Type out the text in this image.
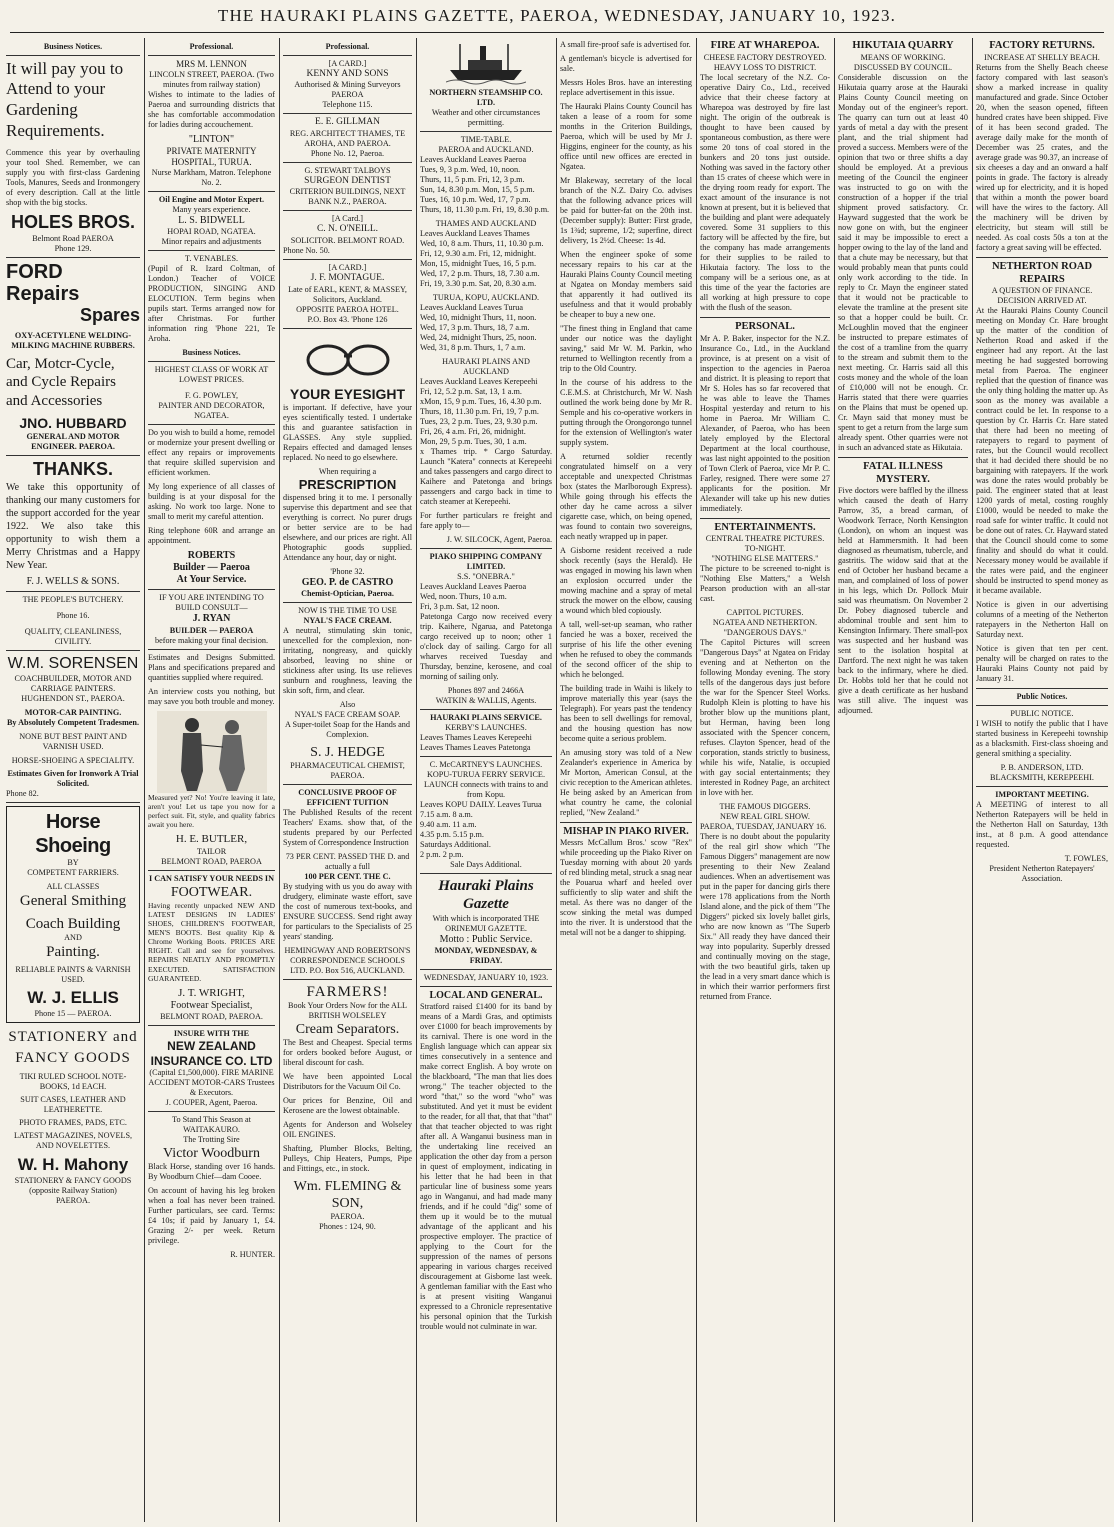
THE HAURAKI PLAINS GAZETTE, PAEROA, WEDNESDAY, JANUARY 10, 1923.
Business Notices.
It will pay you to Attend to your Gardening Requirements.

Commence this year by overhauling your tool Shed. Remember, we can supply you with first-class Gardening Tools, Manures, Seeds and Ironmongery of every description. Call at the little shop with the big stocks.

HOLES BROS.
Belmont Road PAEROA
Phone 129.
FORD Repairs
Spares
OXY-ACETYLENE WELDING-
MILKING MACHINE RUBBERS.
Car, Motcr-Cycle, and Cycle Repairs and Accessories
JNO. HUBBARD
GENERAL AND MOTOR ENGINEER. PAEROA.
THANKS.

We take this opportunity of thanking our many customers for the support accorded for the year 1922. We also take this opportunity to wish them a Merry Christmas and a Happy New Year.

F. J. WELLS & SONS.
THE PEOPLE'S BUTCHERY.
Phone 16.
QUALITY, CLEANLINESS, CIVILITY.
W.M. SORENSEN
COACHBUILDER, MOTOR AND CARRIAGE PAINTERS.
HUGHENDON ST., PAEROA.
MOTOR-CAR PAINTING.
By Absolutely Competent Tradesmen.
NONE BUT BEST PAINT AND VARNISH USED.
HORSE-SHOEING A SPECIALITY.
Estimates Given for Ironwork A Trial Solicited.
Phone 82.
Horse Shoeing
BY
COMPETENT FARRIERS.
ALL CLASSES
General Smithing
Coach Building
AND
Painting.
RELIABLE PAINTS & VARNISH USED.
W. J. ELLIS
Phone 15 — PAEROA.
STATIONERY and FANCY GOODS
TIKI RULED SCHOOL NOTE-BOOKS, 1d EACH.
SUIT CASES, LEATHER AND LEATHERETTE.
PHOTO FRAMES, PADS, ETC.
LATEST MAGAZINES, NOVELS, AND NOVELETTES.
W. H. Mahony
STATIONERY & FANCY GOODS
(opposite Railway Station)
PAEROA.
Professional.
MRS M. LENNON
LINCOLN STREET, PAEROA. (Two minutes from railway station)

Wishes to intimate to the ladies of Paeroa and surrounding districts that she has comfortable accommodation for ladies during accouchement.

"LINTON"
PRIVATE MATERNITY HOSPITAL, TURUA.
Nurse Markham, Matron. Telephone No. 2.
Oil Engine and Motor Expert.
Many years experience.
L. S. BIDWELL
HOPAI ROAD, NGATEA.
Minor repairs and adjustments
T. VENABLES.

(Pupil of R. Izard Coltman, of London.) Teacher of VOICE PRODUCTION, SINGING AND ELOCUTION. Term begins when pupils start. Terms arranged now for after Christmas. For further information ring 'Phone 221, Te Aroha.

Business Notices.
HIGHEST CLASS OF WORK AT LOWEST PRICES.
F. G. POWLEY,
PAINTER AND DECORATOR, NGATEA.

Do you wish to build a home, remodel or modernize your present dwelling or effect any repairs or improvements that require skilled supervision and efficient workmen.

My long experience of all classes of building is at your disposal for the asking. No work too large. None to small to merit my careful attention.

Ring telephone 60R and arrange an appointment.

ROBERTS
Builder — Paeroa
At Your Service.
IF YOU ARE INTENDING TO BUILD CONSULT—
J. RYAN
BUILDER — PAEROA
before making your final decision.

Estimates and Designs Submitted. Plans and specifications prepared and quantities supplied where required.

An interview costs you nothing, but may save you both trouble and money.

Measured yet? No! You're leaving it late, aren't you! Let us tape you now for a perfect suit. Fit, style, and quality fabrics await you here.

H. E. BUTLER,
TAILOR
BELMONT ROAD, PAEROA
I CAN SATISFY YOUR NEEDS IN
FOOTWEAR.

Having recently unpacked NEW AND LATEST DESIGNS IN LADIES' SHOES, CHILDREN'S FOOTWEAR, MEN'S BOOTS. Best quality Kip & Chrome Working Boots. PRICES ARE RIGHT. Call and see for yourselves. REPAIRS NEATLY AND PROMPTLY EXECUTED. SATISFACTION GUARANTEED.

J. T. WRIGHT,
Footwear Specialist,
BELMONT ROAD, PAEROA.
INSURE WITH THE
NEW ZEALAND INSURANCE CO. LTD
(Capital £1,500,000). FIRE MARINE ACCIDENT MOTOR-CARS Trustees & Executors.
J. COUPER, Agent, Paeroa.
To Stand This Season at WAITAKAURO.
The Trotting Sire
Victor Woodburn

Black Horse, standing over 16 hands. By Woodburn Chief—dam Cooee.

On account of having his leg broken when a foal has never been trained. Further particulars, see card. Terms: £4 10s; if paid by January 1, £4. Grazing 2/- per week. Return privilege.

R. HUNTER.
Professional.
[A CARD.]
KENNY AND SONS
Authorised & Mining Surveyors PAEROA
Telephone 115.
E. E. GILLMAN
REG. ARCHITECT THAMES, TE AROHA, AND PAEROA.
Phone No. 12, Paeroa.
G. STEWART TALBOYS
SURGEON DENTIST
CRITERION BUILDINGS, NEXT BANK N.Z., PAEROA.
[A Card.]
C. N. O'NEILL.
SOLICITOR. BELMONT ROAD.
Phone No. 50.
[A CARD.]
J. F. MONTAGUE.
Late of EARL, KENT, & MASSEY, Solicitors, Auckland.
OPPOSITE PAEROA HOTEL.
P.O. Box 43. 'Phone 126
YOUR EYESIGHT

is important. If defective, have your eyes scientifically tested. I undertake this and guarantee satisfaction in GLASSES. Any style supplied. Repairs effected and damaged lenses replaced. No need to go elsewhere.

When requiring a
PRESCRIPTION

dispensed bring it to me. I personally supervise this department and see that everything is correct. No purer drugs or better service are to be had elsewhere, and our prices are right. All Photographic goods supplied. Attendance any hour, day or night.

'Phone 32.
GEO. P. de CASTRO
Chemist-Optician, Paeroa.
NOW IS THE TIME TO USE
NYAL'S FACE CREAM.

A neutral, stimulating skin tonic, unexcelled for the complexion, non-irritating, nongreasy, and quickly absorbed, leaving no shine or stickiness after using. Its use relieves sunburn and roughness, leaving the skin soft, firm, and clear.

Also
NYAL'S FACE CREAM SOAP.
A Super-toilet Soap for the Hands and Complexion.
S. J. HEDGE
PHARMACEUTICAL CHEMIST, PAEROA.
CONCLUSIVE PROOF OF EFFICIENT TUITION

The Published Results of the recent Teachers' Exams. show that, of the students prepared by our Perfected System of Correspondence Instruction

73 PER CENT. PASSED THE D. and actually a full
100 PER CENT. THE C.

By studying with us you do away with drudgery, eliminate waste effort, save the cost of numerous text-books, and ENSURE SUCCESS. Send right away for particulars to the Specialists of 25 years' standing.

HEMINGWAY AND ROBERTSON'S CORRESPONDENCE SCHOOLS LTD. P.O. Box 516, AUCKLAND.
FARMERS!
Book Your Orders Now for the ALL BRITISH WOLSELEY
Cream Separators.

The Best and Cheapest. Special terms for orders booked before August, or liberal discount for cash.

We have been appointed Local Distributors for the Vacuum Oil Co.

Our prices for Benzine, Oil and Kerosene are the lowest obtainable.

Agents for Anderson and Wolseley OIL ENGINES.

Shafting, Plumber Blocks, Belting, Pulleys, Chip Heaters, Pumps, Pipe and Fittings, etc., in stock.

Wm. FLEMING & SON,
PAEROA.
Phones : 124, 90.
NORTHERN STEAMSHIP CO. LTD.
Weather and other circumstances permitting.
TIME-TABLE.
PAEROA and AUCKLAND.
Leaves Auckland Leaves Paeroa
Tues, 9, 3 p.m. Wed, 10, noon.
Thurs, 11, 5 p.m. Fri, 12, 3 p.m.
Sun, 14, 8.30 p.m. Mon, 15, 5 p.m.
Tues, 16, 10 p.m. Wed, 17, 7 p.m.
Thurs, 18, 11.30 p.m. Fri, 19, 8.30 p.m.
THAMES AND AUCKLAND
Leaves Auckland Leaves Thames
Wed, 10, 8 a.m. Thurs, 11, 10.30 p.m.
Fri, 12, 9.30 a.m. Fri, 12, midnight.
Mon, 15, midnight Tues, 16, 5 p.m.
Wed, 17, 2 p.m. Thurs, 18, 7.30 a.m.
Fri, 19, 3.30 p.m. Sat, 20, 8.30 a.m.
TURUA, KOPU, AUCKLAND.
Leaves Auckland Leaves Turua
Wed, 10, midnight Thurs, 11, noon.
Wed, 17, 3 p.m. Thurs, 18, 7 a.m.
Wed, 24, midnight Thurs, 25, noon.
Wed, 31, 8 p.m. Thurs, 1, 7 a.m.
HAURAKI PLAINS AND AUCKLAND
Leaves Auckland Leaves Kerepeehi
Fri, 12, 5.2 p.m. Sat, 13, 1 a.m.
xMon, 15, 9 p.m. Tues, 16, 4.30 p.m.
Thurs, 18, 11.30 p.m. Fri, 19, 7 p.m.
Tues, 23, 2 p.m. Tues, 23, 9.30 p.m.
Fri, 26, 4 a.m. Fri, 26, midnight.
Mon, 29, 5 p.m. Tues, 30, 1 a.m.

x Thames trip. * Cargo Saturday. Launch "Katera" connects at Kerepeehi and takes passengers and cargo direct to Kaihere and Patetonga and brings passengers and cargo back in time to catch steamer at Kerepeehi.

For further particulars re freight and fare apply to—

J. W. SILCOCK, Agent, Paeroa.
PIAKO SHIPPING COMPANY LIMITED.
S.S. "ONEBRA."
Leaves Auckland Leaves Paeroa
Wed, noon. Thurs, 10 a.m.
Fri, 3 p.m. Sat, 12 noon.

Patetonga Cargo now received every trip. Kaihere, Ngarua, and Patetonga cargo received up to noon; other 1 o'clock day of sailing. Cargo for all wharves received Tuesday and Thursday, benzine, kerosene, and coal morning of sailing only.

Phones 897 and 2466A
WATKIN & WALLIS, Agents.
HAURAKI PLAINS SERVICE.
KERBY'S LAUNCHES.
Leaves Thames Leaves Kerepeehi
Leaves Thames Leaves Patetonga
C. McCARTNEY'S LAUNCHES. KOPU-TURUA FERRY SERVICE.
LAUNCH connects with trains to and from Kopu.
Leaves KOPU DAILY. Leaves Turua
7.15 a.m. 8 a.m.
9.40 a.m. 11 a.m.
4.35 p.m. 5.15 p.m.
Saturdays Additional.
2 p.m. 2 p.m.
Sale Days Additional.
Hauraki Plains Gazette
With which is incorporated THE ORINEMUI GAZETTE.
Motto : Public Service.
MONDAY, WEDNESDAY, & FRIDAY.
WEDNESDAY, JANUARY 10, 1923.
LOCAL AND GENERAL.

Stratford raised £1400 for its band by means of a Mardi Gras, and optimists over £1000 for beach improvements by its carnival. There is one word in the English language which can appear six times consecutively in a sentence and make correct English. A boy wrote on the blackboard, "The man that lies does wrong." The teacher objected to the word "that," so the word "who" was substituted. And yet it must be evident to the reader, for all that, that that "that" that that teacher objected to was right after all. A Wanganui business man in the undertaking line received an application the other day from a person in quest of employment, indicating in his letter that he had been in that particular line of business some years ago in Wanganui, and had made many friends, and if he could "dig" some of them up it would be to the mutual advantage of the applicant and his prospective employer. The practice of applying to the Court for the suppression of the names of persons appearing in various charges received discouragement at Gisborne last week. A gentleman familiar with the East who is at present visiting Wanganui expressed to a Chronicle representative his personal opinion that the Turkish trouble would not culminate in war.

A small fire-proof safe is advertised for.

A gentleman's bicycle is advertised for sale.

Messrs Holes Bros. have an interesting replace advertisement in this issue.

The Hauraki Plains County Council has taken a lease of a room for some months in the Criterion Buildings, Paeroa, which will be used by Mr J. Higgins, engineer for the county, as his office until new offices are erected in Ngatea.

Mr Blakeway, secretary of the local branch of the N.Z. Dairy Co. advises that the following advance prices will be paid for butter-fat on the 20th inst. (December supply): Butter: First grade, 1s 1¾d; supreme, 1/2; superfine, direct delivery, 1s 2½d. Cheese: 1s 4d.

When the engineer spoke of some necessary repairs to his car at the Hauraki Plains County Council meeting at Ngatea on Monday members said that apparently it had outlived its usefulness and that it would probably be cheaper to buy a new one.

"The finest thing in England that came under our notice was the daylight saving," said Mr W. M. Parkin, who returned to Wellington recently from a trip to the Old Country.

In the course of his address to the C.E.M.S. at Christchurch, Mr W. Nash outlined the work being done by Mr R. Semple and his co-operative workers in putting through the Orongorongo tunnel for the extension of Wellington's water supply system.

A returned soldier recently congratulated himself on a very acceptable and unexpected Christmas box (states the Marlborough Express). While going through his effects the other day he came across a silver cigarette case, which, on being opened, was found to contain two sovereigns, each neatly wrapped up in paper.

A Gisborne resident received a rude shock recently (says the Herald). He was engaged in mowing his lawn when an explosion occurred under the mowing machine and a spray of metal struck the mower on the elbow, causing a wound which bled copiously.

A tall, well-set-up seaman, who rather fancied he was a boxer, received the surprise of his life the other evening when he refused to obey the commands of the second officer of the ship to which he belonged.

The building trade in Waihi is likely to improve materially this year (says the Telegraph). For years past the tendency has been to sell dwellings for removal, and the housing question has now become quite a serious problem.

An amusing story was told of a New Zealander's experience in America by Mr Morton, American Consul, at the civic reception to the American athletes. He being asked by an American from what country he came, the colonial replied, "New Zealand."

MISHAP IN PIAKO RIVER.

Messrs McCallum Bros.' scow "Rex" while proceeding up the Piako River on Tuesday morning with about 20 yards of red blinding metal, struck a snag near the Pouarua wharf and heeled over sufficiently to slip water and shift the metal. As there was no danger of the scow sinking the metal was dumped into the river. It is understood that the metal will not be a danger to shipping.

FIRE AT WHAREPOA.
CHEESE FACTORY DESTROYED.
HEAVY LOSS TO DISTRICT.

The local secretary of the N.Z. Co-operative Dairy Co., Ltd., received advice that their cheese factory at Wharepoa was destroyed by fire last night. The origin of the outbreak is thought to have been caused by spontaneous combustion, as there were some 20 tons of coal stored in the bunkers and 20 tons just outside. Nothing was saved in the factory other than 15 crates of cheese which were in the drying room ready for export. The exact amount of the insurance is not known at present, but it is believed that the building and plant were adequately covered. Some 31 suppliers to this factory will be affected by the fire, but the company has made arrangements for their supplies to be railed to Hikutaia factory. The loss to the company will be a serious one, as at this time of the year the factories are all working at high pressure to cope with the flush of the season.

PERSONAL.

Mr A. P. Baker, inspector for the N.Z. Insurance Co., Ltd., in the Auckland province, is at present on a visit of inspection to the agencies in Paeroa and district. It is pleasing to report that Mr S. Holes has so far recovered that he was able to leave the Thames Hospital yesterday and return to his home in Paeroa. Mr William C. Alexander, of Paeroa, who has been lately employed by the Electoral Department at the local courthouse, was last night appointed to the position of Town Clerk of Paeroa, vice Mr P. C. Farley, resigned. There were some 27 applicants for the position. Mr Alexander will take up his new duties immediately.

ENTERTAINMENTS.
CENTRAL THEATRE PICTURES.
TO-NIGHT.
"NOTHING ELSE MATTERS."

The picture to be screened to-night is "Nothing Else Matters," a Welsh Pearson production with an all-star cast.

CAPITOL PICTURES.
NGATEA AND NETHERTON.
"DANGEROUS DAYS."

The Capitol Pictures will screen "Dangerous Days" at Ngatea on Friday evening and at Netherton on the following Monday evening. The story tells of the dangerous days just before the war for the Spencer Steel Works. Rudolph Klein is plotting to have his brother blow up the munitions plant, but Herman, having been long associated with the Spencer concern, refuses. Clayton Spencer, head of the corporation, stands strictly to business, while his wife, Natalie, is occupied with gay social entertainments; they interested in Rodney Page, an architect in love with her.

THE FAMOUS DIGGERS.
NEW REAL GIRL SHOW.
PAEROA, TUESDAY, JANUARY 16.

There is no doubt about the popularity of the real girl show which "The Famous Diggers" management are now presenting to their New Zealand audiences. When an advertisement was put in the paper for dancing girls there were 178 applications from the North Island alone, and the pick of them "The Diggers" picked six lovely ballet girls, who are now known as "The Superb Six." All ready they have danced their way into popularity. Superbly dressed and continually moving on the stage, with the two beautiful girls, taken up the lead in a very smart dance which is in which their warrior performers first returned from France.

HIKUTAIA QUARRY
MEANS OF WORKING.
DISCUSSED BY COUNCIL.

Considerable discussion on the Hikutaia quarry arose at the Hauraki Plains County Council meeting on Monday out of the engineer's report. The quarry can turn out at least 40 yards of metal a day with the present plant, and the trial shipment had proved a success. Members were of the opinion that two or three shifts a day should be employed. At a previous meeting of the Council the engineer was instructed to go on with the construction of a hopper if the trial shipment proved satisfactory. Cr. Hayward suggested that the work be now gone on with, but the engineer said it may be impossible to erect a hopper owing to the lay of the land and that a chute may be necessary, but that would probably mean that punts could only work according to the tide. In reply to Cr. Mayn the engineer stated that it would not be practicable to elevate the tramline at the present site so that a hopper could be built. Cr. McLoughlin moved that the engineer be instructed to prepare estimates of the cost of a tramline from the quarry to the stream and submit them to the next meeting. Cr. Harris said all this costs money and the whole of the loan of £10,000 will not be enough. Cr. Harris stated that there were quarries on the Plains that must be opened up. Cr. Mayn said that money must be spent to get a return from the large sum already spent. Other quarries were not in such an advanced state as Hikutaia.

FATAL ILLNESS MYSTERY.

Five doctors were baffled by the illness which caused the death of Harry Parrow, 35, a bread carman, of Woodwork Terrace, North Kensington (London), on whom an inquest was held at Hammersmith. It had been diagnosed as rheumatism, tubercle, and gastritis. The widow said that at the end of October her husband became a man, and complained of loss of power in his legs, which Dr. Pollock Muir said was rheumatism. On November 2 Dr. Pobey diagnosed tubercle and abdominal trouble and sent him to Kensington Infirmary. There small-pox was suspected and her husband was sent to the isolation hospital at Dartford. The next night he was taken back to the infirmary, where he died. Dr. Hobbs told her that he could not give a death certificate as her husband was still alive. The inquest was adjourned.

FACTORY RETURNS.
INCREASE AT SHELLY BEACH.

Returns from the Shelly Beach cheese factory compared with last season's show a marked increase in quality manufactured and grade. Since October 20, when the season opened, fifteen hundred crates have been shipped. Five of it has been second graded. The average daily make for the month of December was 25 crates, and the average grade was 90.37, an increase of six cheeses a day and an onward a half points in grade. The factory is already wired up for electricity, and it is hoped that within a month the power board will have the wires to the factory. All the machinery will be driven by electricity, but steam will still be needed. As coal costs 50s a ton at the factory a great saving will be effected.

NETHERTON ROAD REPAIRS
A QUESTION OF FINANCE.
DECISION ARRIVED AT.

At the Hauraki Plains County Council meeting on Monday Cr. Hare brought up the matter of the condition of Netherton Road and asked if the engineer had any report. At the last meeting he had suggested borrowing metal from Paeroa. The engineer replied that the question of finance was the only thing holding the matter up. As soon as the money was available a contract could be let. In response to a question by Cr. Harris Cr. Hare stated that there had been no meeting of ratepayers to regard to payment of rates, but the Council would recollect that it had decided there should be no bargaining with ratepayers. If the work was done the rates would probably be paid. The engineer stated that at least 1200 yards of metal, costing roughly £1000, would be needed to make the road safe for winter traffic. It could not be done out of rates. Cr. Hayward stated that the Council should come to some finality and should do what it could. Necessary money would be available if the rates were paid, and the engineer should be instructed to spend money as it became available.

Notice is given in our advertising columns of a meeting of the Netherton ratepayers in the Netherton Hall on Saturday next.

Notice is given that ten per cent. penalty will be charged on rates to the Hauraki Plains County not paid by January 31.

Public Notices.
PUBLIC NOTICE.

I WISH to notify the public that I have started business in Kerepeehi township as a blacksmith. First-class shoeing and general smithing a speciality.

P. B. ANDERSON, LTD. BLACKSMITH, KEREPEEHI.
IMPORTANT MEETING.

A MEETING of interest to all Netherton Ratepayers will be held in the Netherton Hall on Saturday, 13th inst., at 8 p.m. A good attendance requested.

T. FOWLES,
President Netherton Ratepayers' Association.
